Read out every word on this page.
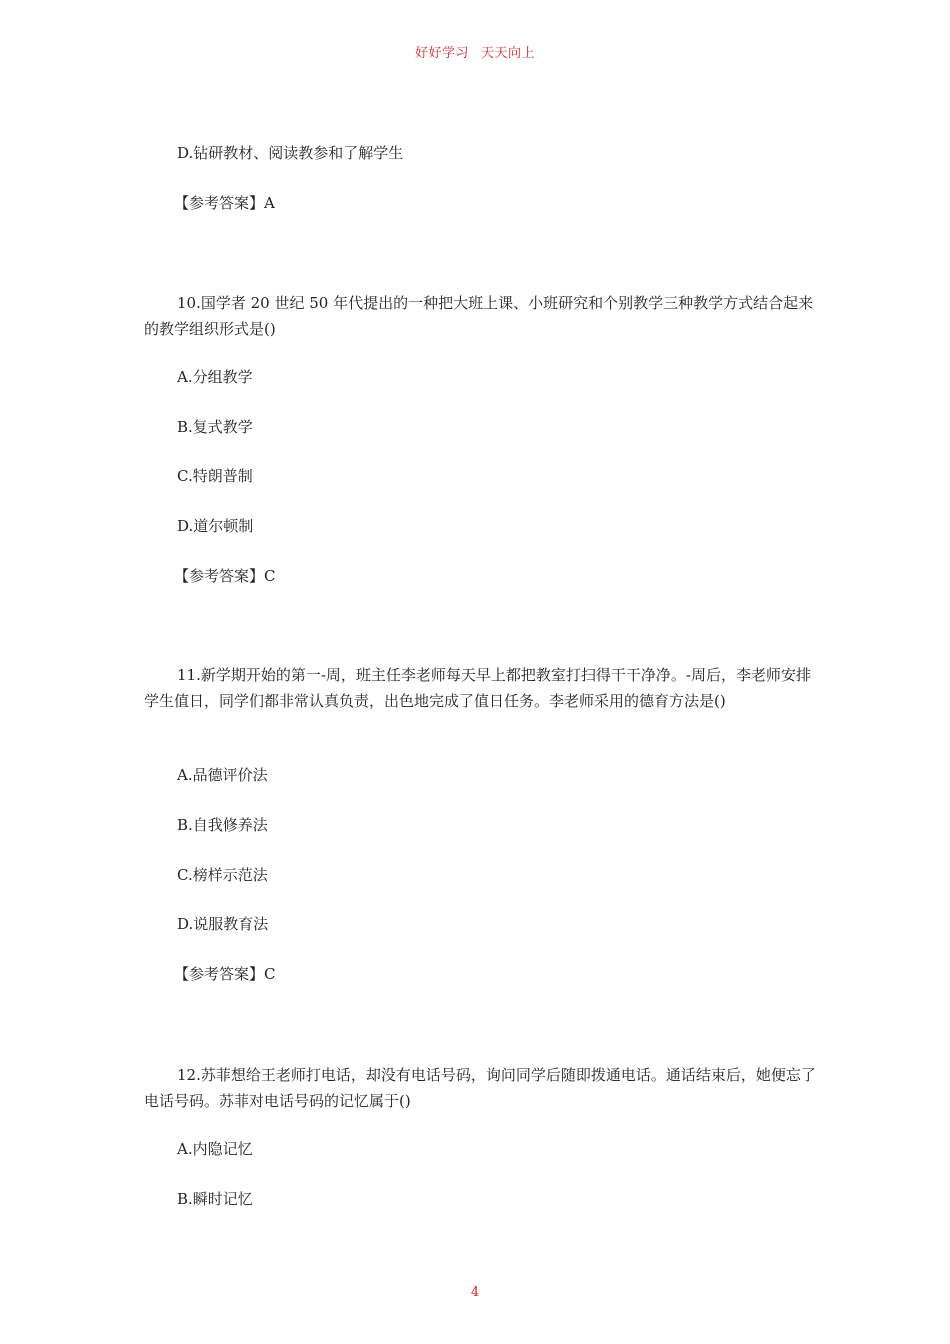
好好学习 天天向上
D.钻研教材、阅读教参和了解学生
【参考答案】A

10.国学者 20 世纪 50 年代提出的一种把大班上课、小班研究和个别教学三种教学方式结合起来的教学组织形式是()

A.分组教学
B.复式教学
C.特朗普制
D.道尔顿制
【参考答案】C

11.新学期开始的第一-周，班主任李老师每天早上都把教室打扫得干干净净。-周后，李老师安排学生值日，同学们都非常认真负责，出色地完成了值日任务。李老师采用的德育方法是()

A.品德评价法
B.自我修养法
C.榜样示范法
D.说服教育法
【参考答案】C

12.苏菲想给王老师打电话，却没有电话号码，询问同学后随即拨通电话。通话结束后，她便忘了电话号码。苏菲对电话号码的记忆属于()

A.内隐记忆
B.瞬时记忆
4
